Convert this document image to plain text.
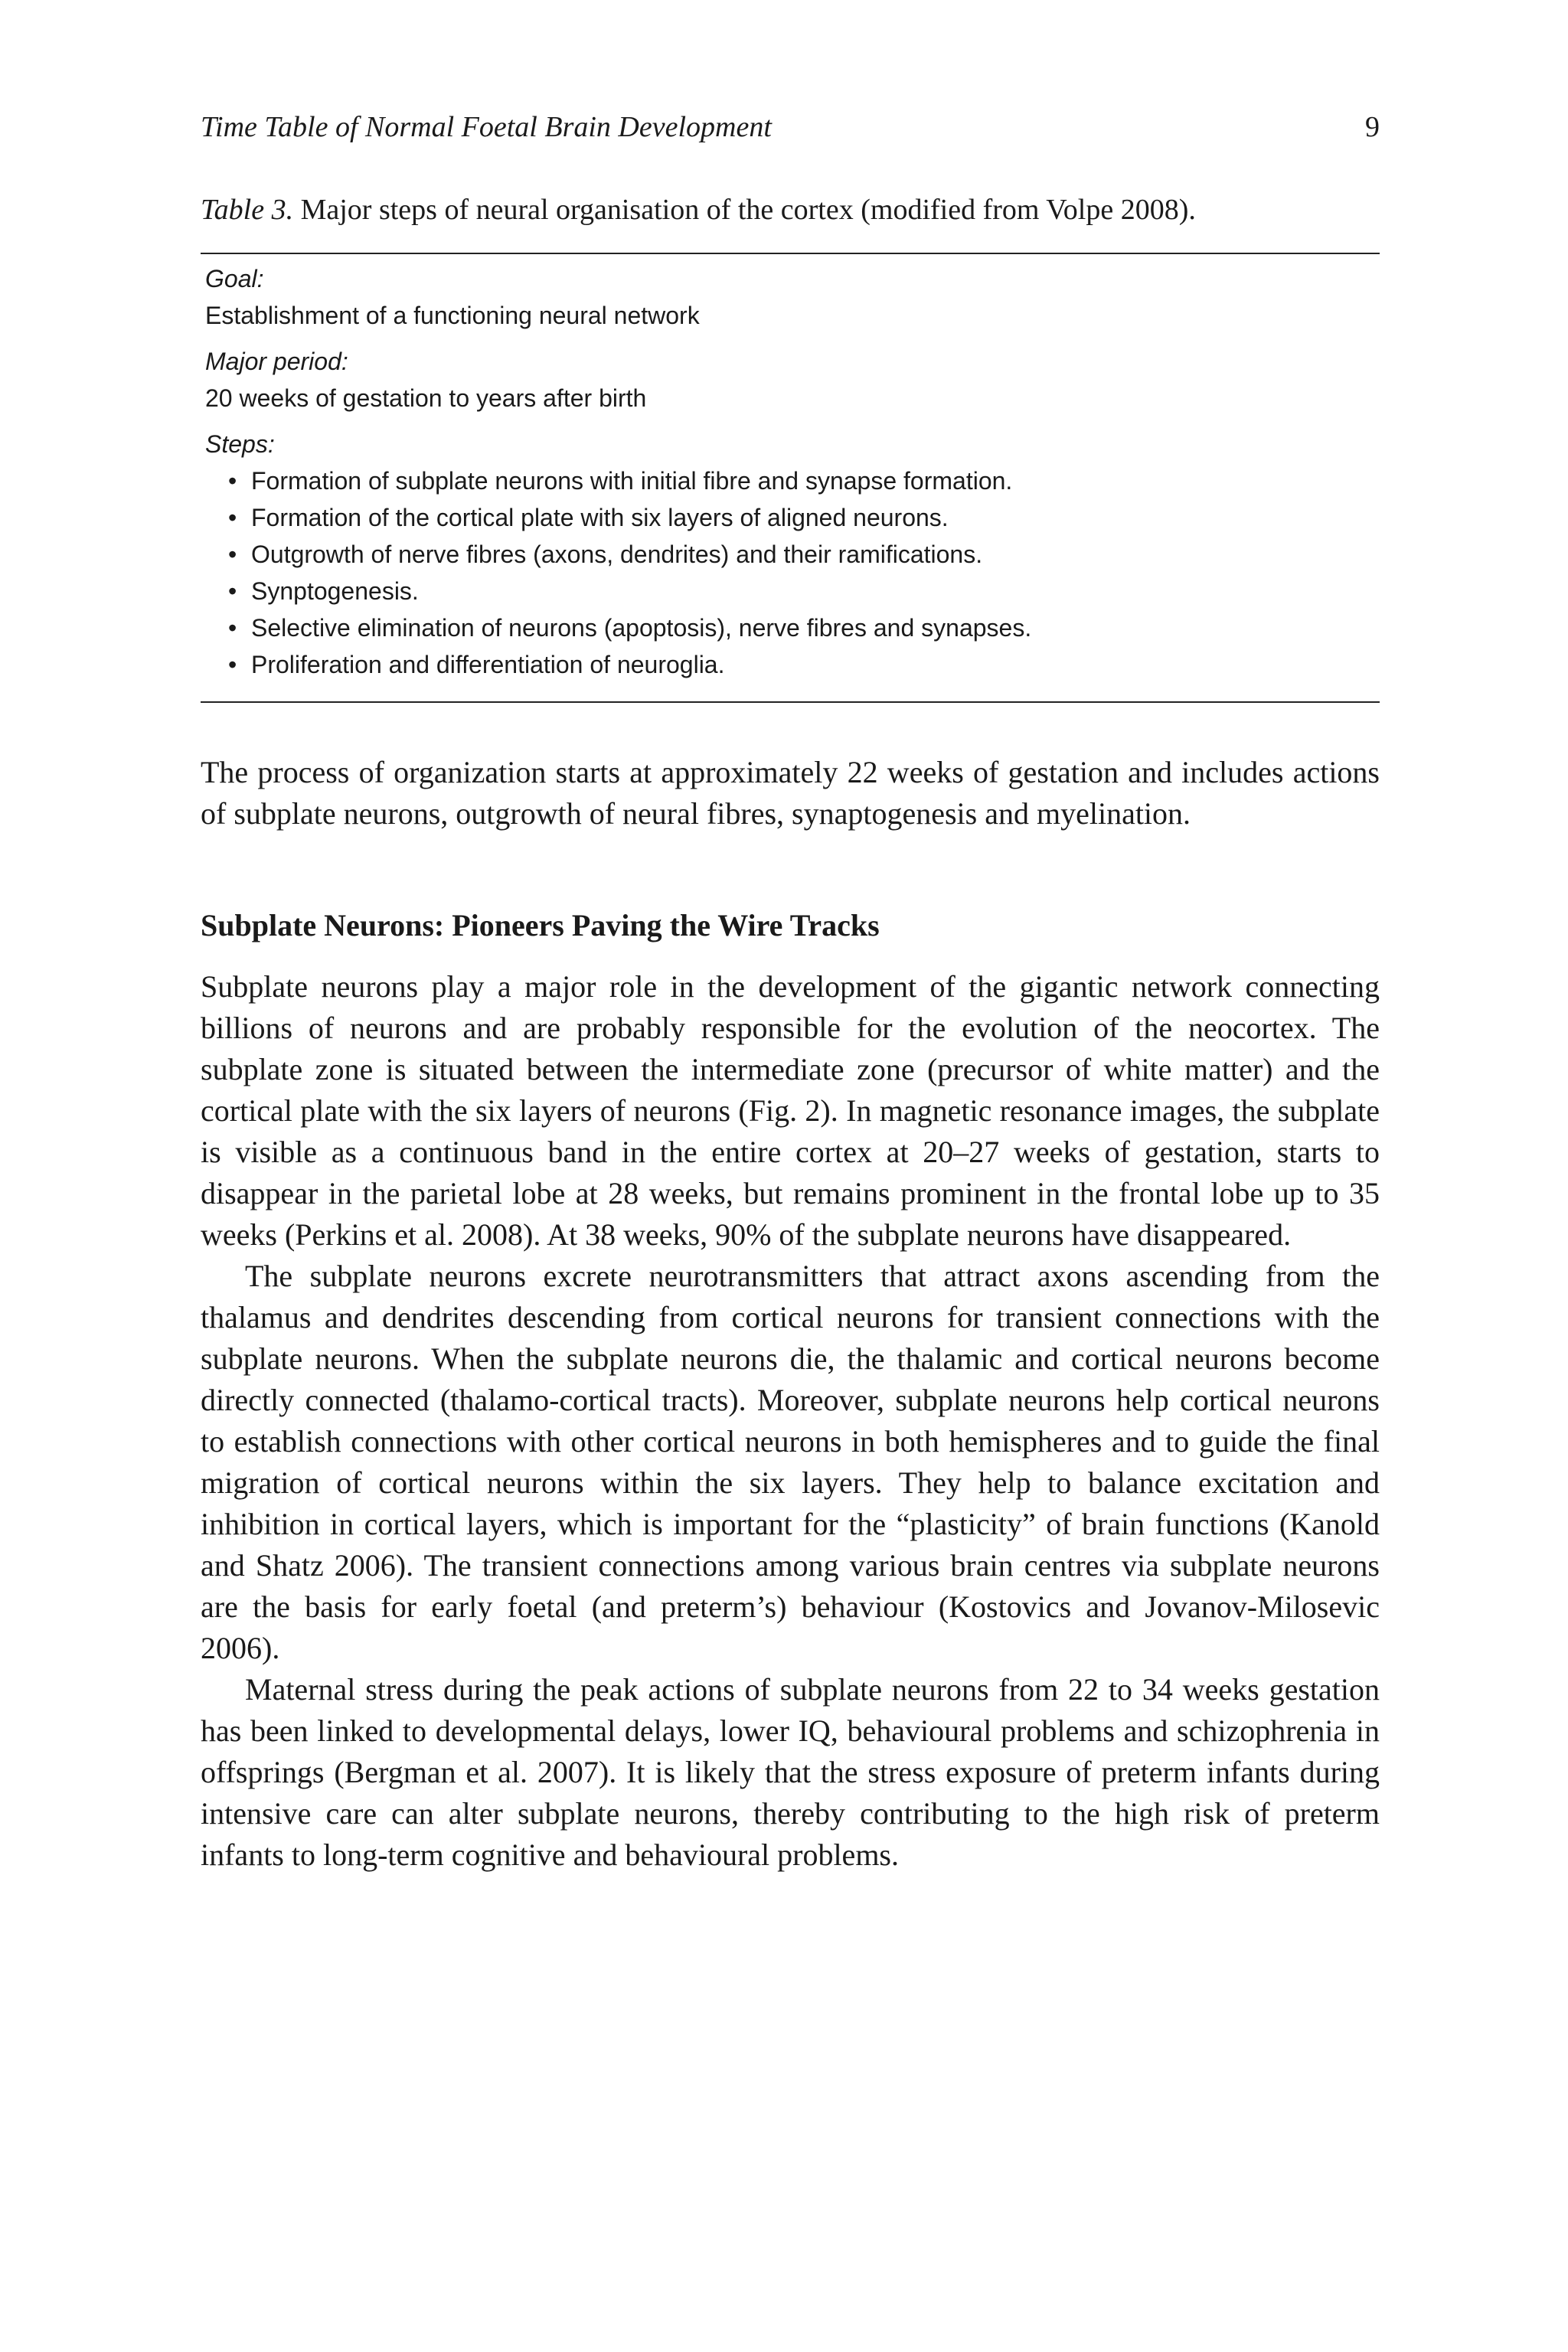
Time Table of Normal Foetal Brain Development	9
Table 3. Major steps of neural organisation of the cortex (modified from Volpe 2008).
Goal:
Establishment of a functioning neural network
Major period:
20 weeks of gestation to years after birth
Steps:
• Formation of subplate neurons with initial fibre and synapse formation.
• Formation of the cortical plate with six layers of aligned neurons.
• Outgrowth of nerve fibres (axons, dendrites) and their ramifications.
• Synptogenesis.
• Selective elimination of neurons (apoptosis), nerve fibres and synapses.
• Proliferation and differentiation of neuroglia.

The process of organization starts at approximately 22 weeks of gestation and includes actions of subplate neurons, outgrowth of neural fibres, synaptogenesis and myelination.

Subplate Neurons: Pioneers Paving the Wire Tracks

Subplate neurons play a major role in the development of the gigantic network connecting billions of neurons and are probably responsible for the evolution of the neocortex. The subplate zone is situated between the intermediate zone (precursor of white matter) and the cortical plate with the six layers of neurons (Fig. 2). In magnetic resonance images, the subplate is visible as a continuous band in the entire cortex at 20–27 weeks of gestation, starts to disappear in the parietal lobe at 28 weeks, but remains prominent in the frontal lobe up to 35 weeks (Perkins et al. 2008). At 38 weeks, 90% of the subplate neurons have disappeared.

The subplate neurons excrete neurotransmitters that attract axons ascending from the thalamus and dendrites descending from cortical neurons for transient connections with the subplate neurons. When the subplate neurons die, the thalamic and cortical neurons become directly connected (thalamo-cortical tracts). Moreover, subplate neurons help cortical neurons to establish connections with other cortical neurons in both hemispheres and to guide the final migration of cortical neurons within the six layers. They help to balance excitation and inhibition in cortical layers, which is important for the “plasticity” of brain functions (Kanold and Shatz 2006). The transient connections among various brain centres via subplate neurons are the basis for early foetal (and preterm’s) behaviour (Kostovics and Jovanov-Milosevic 2006).

Maternal stress during the peak actions of subplate neurons from 22 to 34 weeks gestation has been linked to developmental delays, lower IQ, behavioural problems and schizophrenia in offsprings (Bergman et al. 2007). It is likely that the stress exposure of preterm infants during intensive care can alter subplate neurons, thereby contributing to the high risk of preterm infants to long-term cognitive and behavioural problems.
